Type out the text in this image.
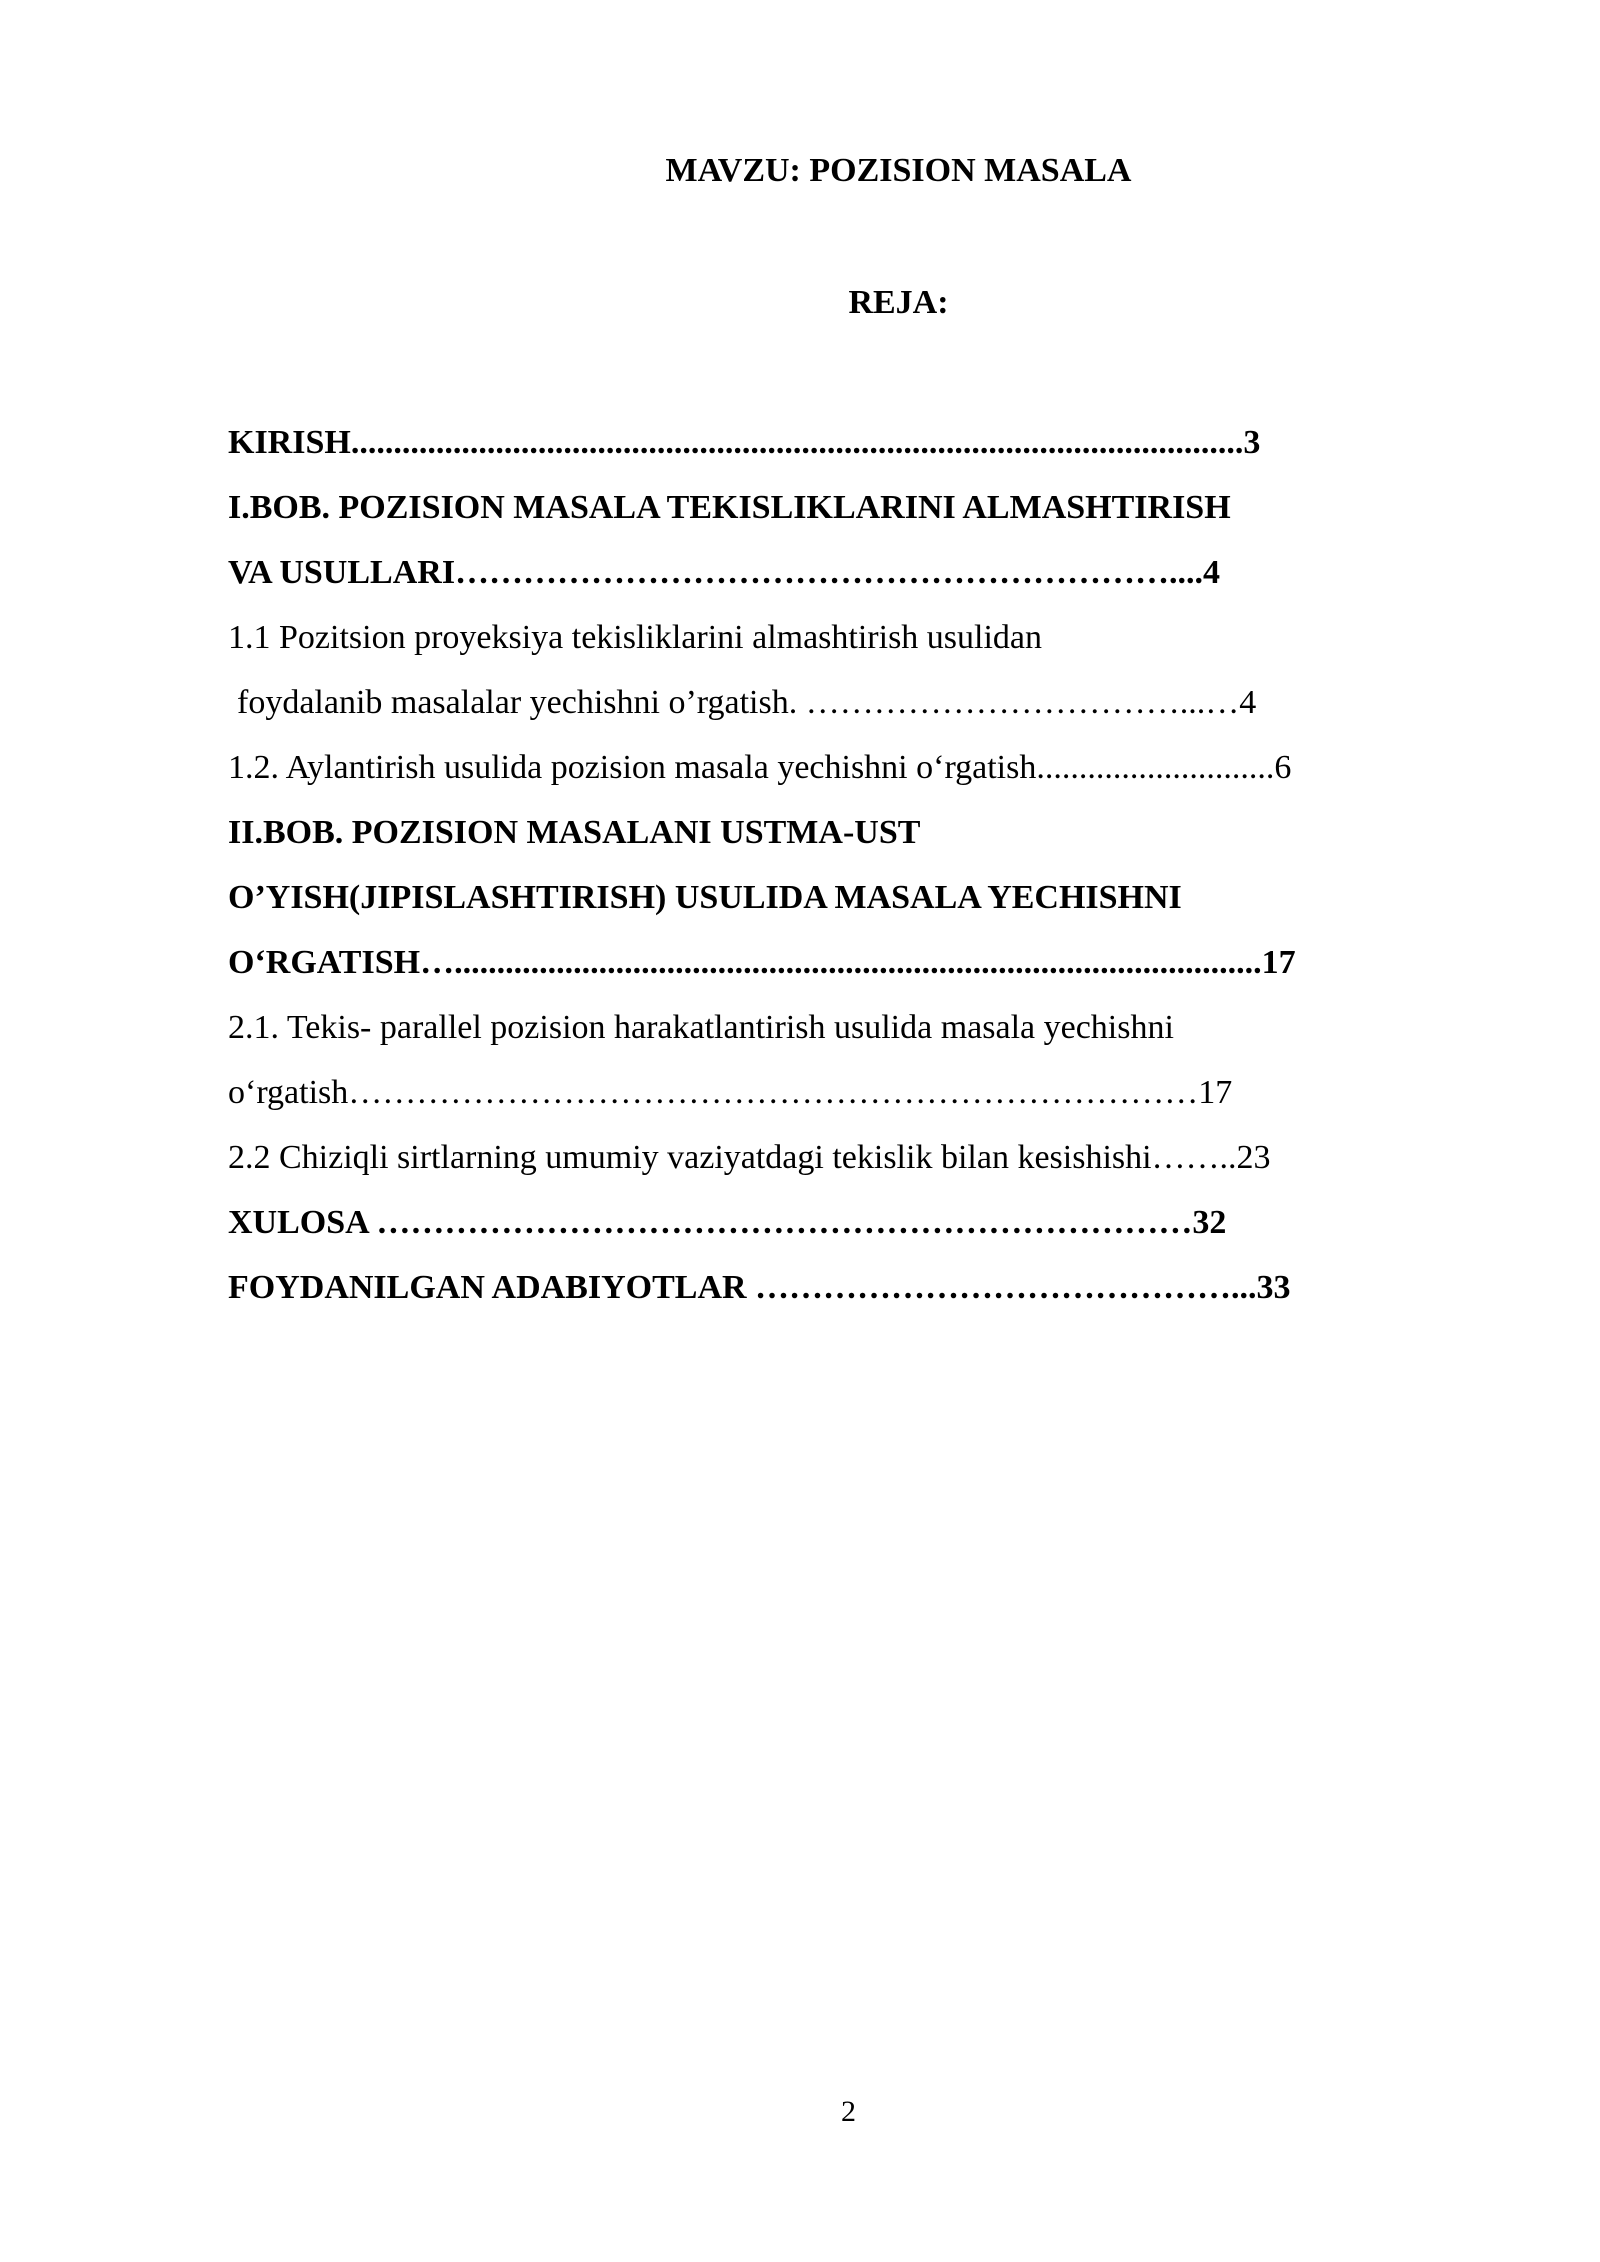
MAVZU: POZISION MASALA
REJA:
KIRISH.........................................................................................................3
I.BOB. POZISION MASALA TEKISLIKLARINI ALMASHTIRISH
VA USULLARI………………………………………………………....4
1.1 Pozitsion proyeksiya tekisliklarini almashtirish usulidan
foydalanib masalalar yechishni o’rgatish. ……………………………...…4
1.2. Aylantirish usulida pozision masala yechishni o‘rgatish............................6
II.BOB. POZISION MASALANI USTMA-UST
O’YISH(JIPISLASHTIRISH) USULIDA MASALA YECHISHNI
O‘RGATISH…...............................................................................................17
2.1. Tekis- parallel pozision harakatlantirish usulida masala yechishni
o‘rgatish…………………………………………………………………17
2.2 Chiziqli sirtlarning umumiy vaziyatdagi tekislik bilan kesishishi……..23
XULOSA ………………………………………………………………32
FOYDANILGAN ADABIYOTLAR ……………………………………...33
2
